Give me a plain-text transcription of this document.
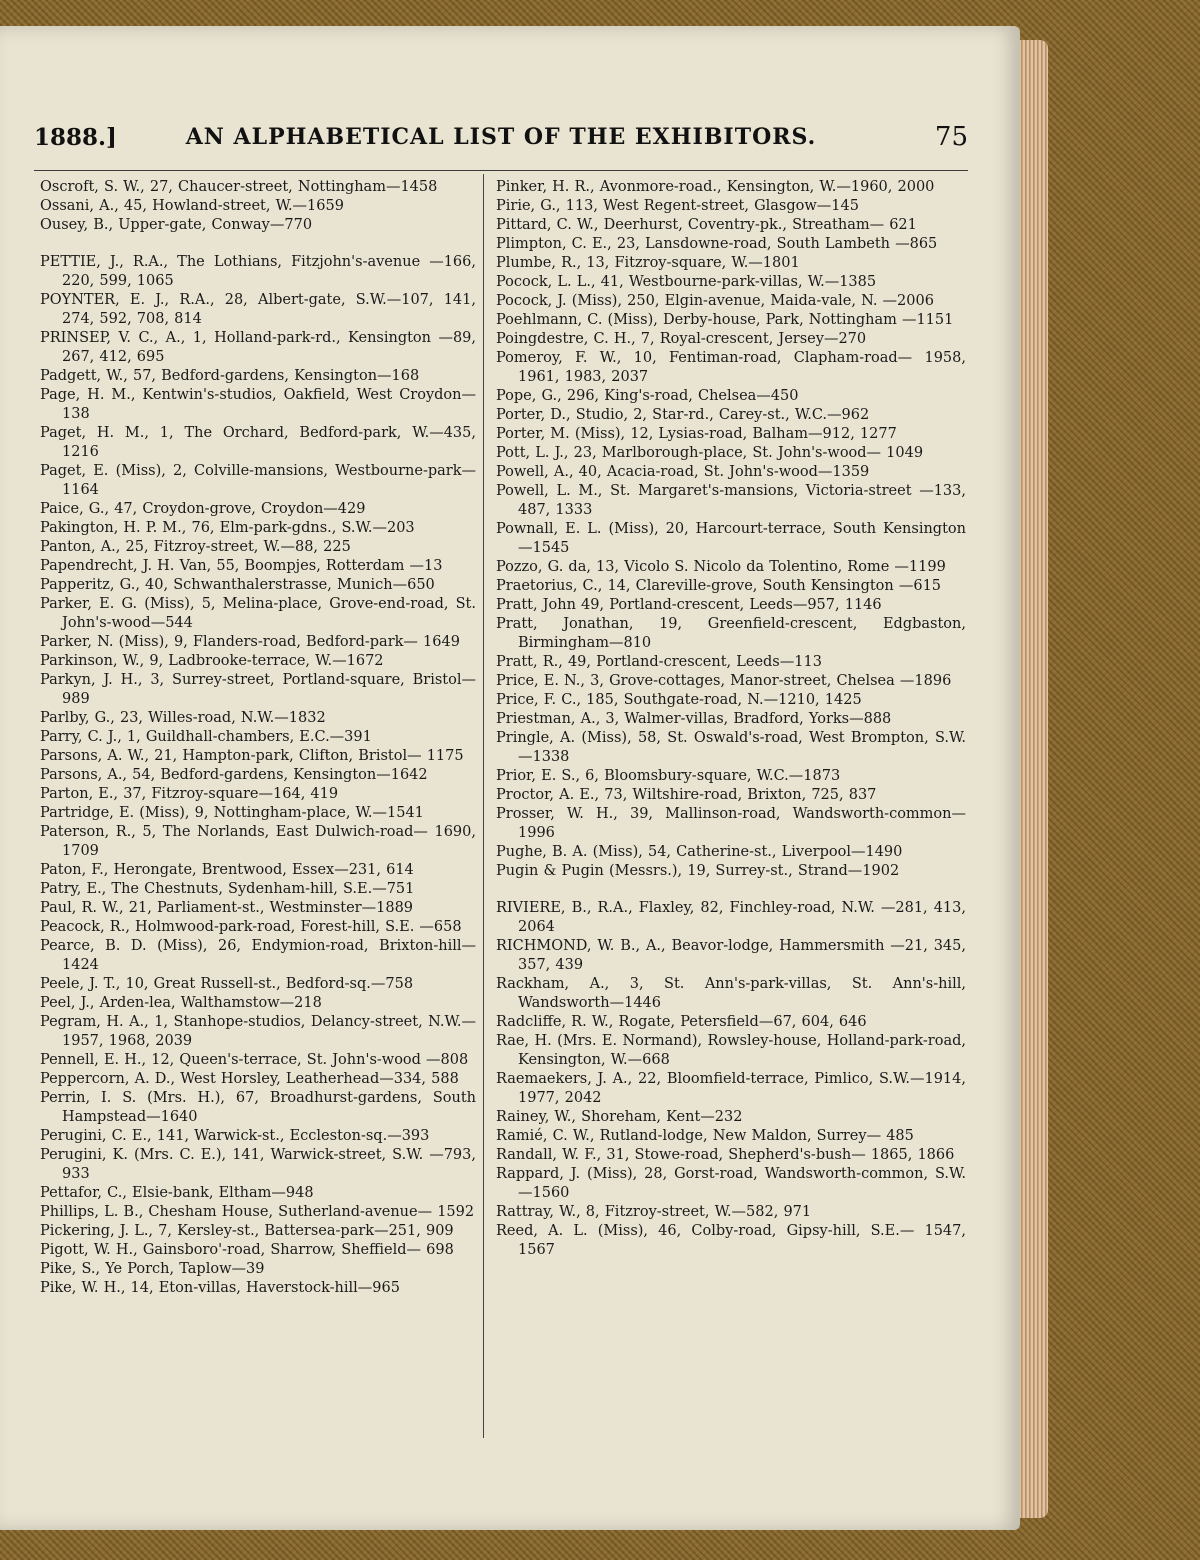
1888.]	AN ALPHABETICAL LIST OF THE EXHIBITORS.	75
Oscroft, S. W., 27, Chaucer-street, Nottingham—1458
Ossani, A., 45, Howland-street, W.—1659
Ousey, B., Upper-gate, Conway—770
PETTIE, J., R.A., The Lothians, Fitzjohn's-avenue —166, 220, 599, 1065
POYNTER, E. J., R.A., 28, Albert-gate, S.W.—107, 141, 274, 592, 708, 814
PRINSEP, V. C., A., 1, Holland-park-rd., Kensington —89, 267, 412, 695
Padgett, W., 57, Bedford-gardens, Kensington—168
Page, H. M., Kentwin's-studios, Oakfield, West Croydon—138
Paget, H. M., 1, The Orchard, Bedford-park, W.—435, 1216
Paget, E. (Miss), 2, Colville-mansions, Westbourne-park—1164
Paice, G., 47, Croydon-grove, Croydon—429
Pakington, H. P. M., 76, Elm-park-gdns., S.W.—203
Panton, A., 25, Fitzroy-street, W.—88, 225
Papendrecht, J. H. Van, 55, Boompjes, Rotterdam —13
Papperitz, G., 40, Schwanthalerstrasse, Munich—650
Parker, E. G. (Miss), 5, Melina-place, Grove-end-road, St. John's-wood—544
Parker, N. (Miss), 9, Flanders-road, Bedford-park— 1649
Parkinson, W., 9, Ladbrooke-terrace, W.—1672
Parkyn, J. H., 3, Surrey-street, Portland-square, Bristol—989
Parlby, G., 23, Willes-road, N.W.—1832
Parry, C. J., 1, Guildhall-chambers, E.C.—391
Parsons, A. W., 21, Hampton-park, Clifton, Bristol— 1175
Parsons, A., 54, Bedford-gardens, Kensington—1642
Parton, E., 37, Fitzroy-square—164, 419
Partridge, E. (Miss), 9, Nottingham-place, W.—1541
Paterson, R., 5, The Norlands, East Dulwich-road— 1690, 1709
Paton, F., Herongate, Brentwood, Essex—231, 614
Patry, E., The Chestnuts, Sydenham-hill, S.E.—751
Paul, R. W., 21, Parliament-st., Westminster—1889
Peacock, R., Holmwood-park-road, Forest-hill, S.E. —658
Pearce, B. D. (Miss), 26, Endymion-road, Brixton-hill—1424
Peele, J. T., 10, Great Russell-st., Bedford-sq.—758
Peel, J., Arden-lea, Walthamstow—218
Pegram, H. A., 1, Stanhope-studios, Delancy-street, N.W.—1957, 1968, 2039
Pennell, E. H., 12, Queen's-terrace, St. John's-wood —808
Peppercorn, A. D., West Horsley, Leatherhead—334, 588
Perrin, I. S. (Mrs. H.), 67, Broadhurst-gardens, South Hampstead—1640
Perugini, C. E., 141, Warwick-st., Eccleston-sq.—393
Perugini, K. (Mrs. C. E.), 141, Warwick-street, S.W. —793, 933
Pettafor, C., Elsie-bank, Eltham—948
Phillips, L. B., Chesham House, Sutherland-avenue— 1592
Pickering, J. L., 7, Kersley-st., Battersea-park—251, 909
Pigott, W. H., Gainsboro'-road, Sharrow, Sheffield— 698
Pike, S., Ye Porch, Taplow—39
Pike, W. H., 14, Eton-villas, Haverstock-hill—965
Pinker, H. R., Avonmore-road., Kensington, W.—1960, 2000
Pirie, G., 113, West Regent-street, Glasgow—145
Pittard, C. W., Deerhurst, Coventry-pk., Streatham— 621
Plimpton, C. E., 23, Lansdowne-road, South Lambeth —865
Plumbe, R., 13, Fitzroy-square, W.—1801
Pocock, L. L., 41, Westbourne-park-villas, W.—1385
Pocock, J. (Miss), 250, Elgin-avenue, Maida-vale, N. —2006
Poehlmann, C. (Miss), Derby-house, Park, Nottingham —1151
Poingdestre, C. H., 7, Royal-crescent, Jersey—270
Pomeroy, F. W., 10, Fentiman-road, Clapham-road— 1958, 1961, 1983, 2037
Pope, G., 296, King's-road, Chelsea—450
Porter, D., Studio, 2, Star-rd., Carey-st., W.C.—962
Porter, M. (Miss), 12, Lysias-road, Balham—912, 1277
Pott, L. J., 23, Marlborough-place, St. John's-wood— 1049
Powell, A., 40, Acacia-road, St. John's-wood—1359
Powell, L. M., St. Margaret's-mansions, Victoria-street —133, 487, 1333
Pownall, E. L. (Miss), 20, Harcourt-terrace, South Kensington—1545
Pozzo, G. da, 13, Vicolo S. Nicolo da Tolentino, Rome —1199
Praetorius, C., 14, Clareville-grove, South Kensington —615
Pratt, John 49, Portland-crescent, Leeds—957, 1146
Pratt, Jonathan, 19, Greenfield-crescent, Edgbaston, Birmingham—810
Pratt, R., 49, Portland-crescent, Leeds—113
Price, E. N., 3, Grove-cottages, Manor-street, Chelsea —1896
Price, F. C., 185, Southgate-road, N.—1210, 1425
Priestman, A., 3, Walmer-villas, Bradford, Yorks—888
Pringle, A. (Miss), 58, St. Oswald's-road, West Brompton, S.W.—1338
Prior, E. S., 6, Bloomsbury-square, W.C.—1873
Proctor, A. E., 73, Wiltshire-road, Brixton, 725, 837
Prosser, W. H., 39, Mallinson-road, Wandsworth-common—1996
Pughe, B. A. (Miss), 54, Catherine-st., Liverpool—1490
Pugin & Pugin (Messrs.), 19, Surrey-st., Strand—1902
RIVIERE, B., R.A., Flaxley, 82, Finchley-road, N.W. —281, 413, 2064
RICHMOND, W. B., A., Beavor-lodge, Hammersmith —21, 345, 357, 439
Rackham, A., 3, St. Ann's-park-villas, St. Ann's-hill, Wandsworth—1446
Radcliffe, R. W., Rogate, Petersfield—67, 604, 646
Rae, H. (Mrs. E. Normand), Rowsley-house, Holland-park-road, Kensington, W.—668
Raemaekers, J. A., 22, Bloomfield-terrace, Pimlico, S.W.—1914, 1977, 2042
Rainey, W., Shoreham, Kent—232
Ramié, C. W., Rutland-lodge, New Maldon, Surrey— 485
Randall, W. F., 31, Stowe-road, Shepherd's-bush— 1865, 1866
Rappard, J. (Miss), 28, Gorst-road, Wandsworth-common, S.W.—1560
Rattray, W., 8, Fitzroy-street, W.—582, 971
Reed, A. L. (Miss), 46, Colby-road, Gipsy-hill, S.E.— 1547, 1567
